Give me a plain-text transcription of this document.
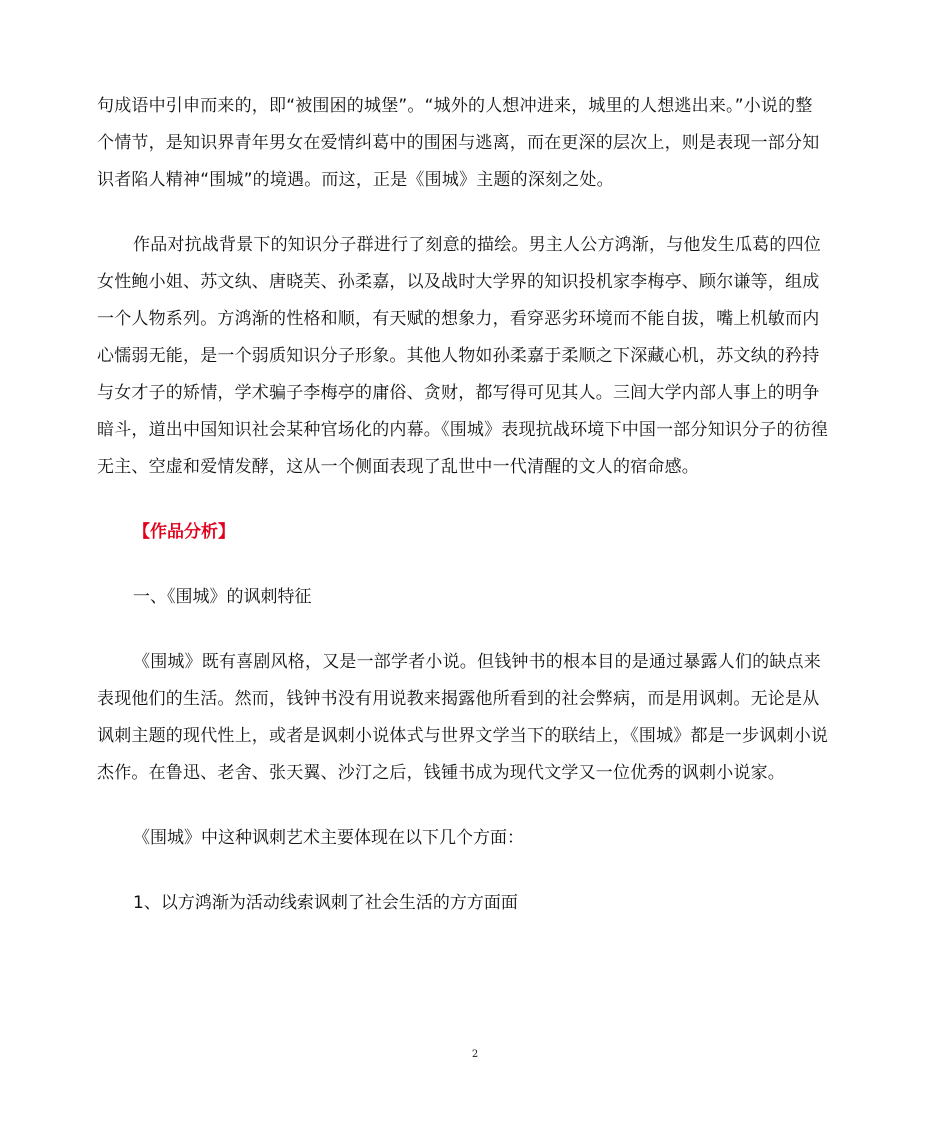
句成语中引申而来的，即“被围困的城堡”。“城外的人想冲进来，城里的人想逃出来。”小说的整
个情节，是知识界青年男女在爱情纠葛中的围困与逃离，而在更深的层次上，则是表现一部分知
识者陷人精神“围城”的境遇。而这，正是《围城》主题的深刻之处。

作品对抗战背景下的知识分子群进行了刻意的描绘。男主人公方鸿渐，与他发生瓜葛的四位
女性鲍小姐、苏文纨、唐晓芙、孙柔嘉，以及战时大学界的知识投机家李梅亭、顾尔谦等，组成
一个人物系列。方鸿渐的性格和顺，有天赋的想象力，看穿恶劣环境而不能自拔，嘴上机敏而内
心懦弱无能，是一个弱质知识分子形象。其他人物如孙柔嘉于柔顺之下深藏心机，苏文纨的矜持
与女才子的矫情，学术骗子李梅亭的庸俗、贪财，都写得可见其人。三闾大学内部人事上的明争
暗斗，道出中国知识社会某种官场化的内幕。《围城》表现抗战环境下中国一部分知识分子的彷徨
无主、空虚和爱情发酵，这从一个侧面表现了乱世中一代清醒的文人的宿命感。

【作品分析】

一、《围城》的讽刺特征

《围城》既有喜剧风格，又是一部学者小说。但钱钟书的根本目的是通过暴露人们的缺点来
表现他们的生活。然而，钱钟书没有用说教来揭露他所看到的社会弊病，而是用讽刺。无论是从
讽刺主题的现代性上，或者是讽刺小说体式与世界文学当下的联结上，《围城》都是一步讽刺小说
杰作。在鲁迅、老舍、张天翼、沙汀之后，钱锺书成为现代文学又一位优秀的讽刺小说家。

《围城》中这种讽刺艺术主要体现在以下几个方面：

1、以方鸿渐为活动线索讽刺了社会生活的方方面面

2
